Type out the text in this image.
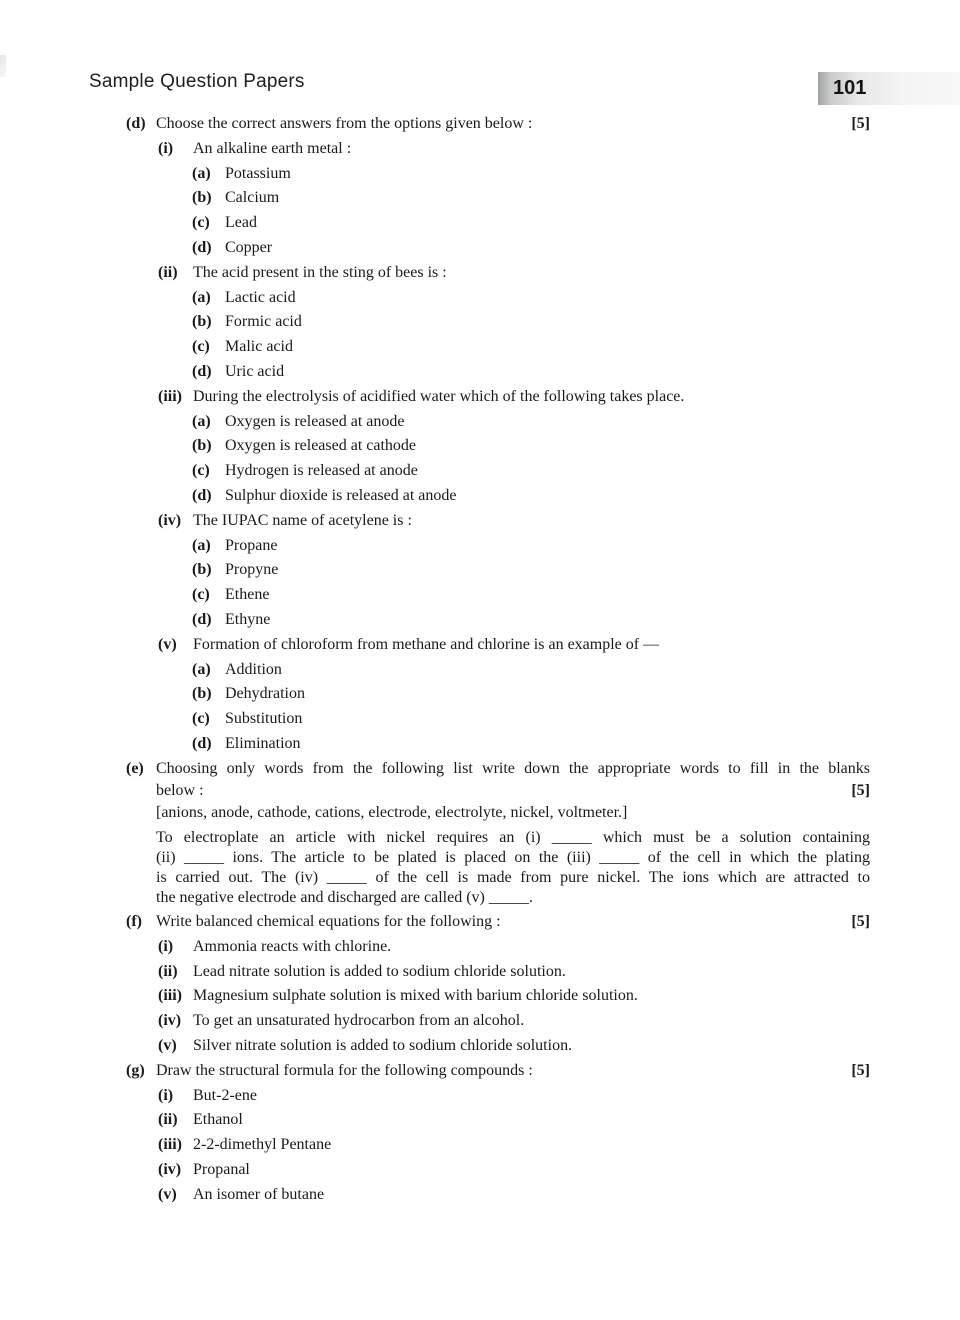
Sample Question Papers	101
(d) Choose the correct answers from the options given below :	[5]
(i) An alkaline earth metal :
(a) Potassium
(b) Calcium
(c) Lead
(d) Copper
(ii) The acid present in the sting of bees is :
(a) Lactic acid
(b) Formic acid
(c) Malic acid
(d) Uric acid
(iii) During the electrolysis of acidified water which of the following takes place.
(a) Oxygen is released at anode
(b) Oxygen is released at cathode
(c) Hydrogen is released at anode
(d) Sulphur dioxide is released at anode
(iv) The IUPAC name of acetylene is :
(a) Propane
(b) Propyne
(c) Ethene
(d) Ethyne
(v) Formation of chloroform from methane and chlorine is an example of —
(a) Addition
(b) Dehydration
(c) Substitution
(d) Elimination
(e) Choosing only words from the following list write down the appropriate words to fill in the blanks
below :	[5]
[anions, anode, cathode, cations, electrode, electrolyte, nickel, voltmeter.]
To electroplate an article with nickel requires an (i) _____ which must be a solution containing
(ii) _____ ions. The article to be plated is placed on the (iii) _____ of the cell in which the plating
is carried out. The (iv) _____ of the cell is made from pure nickel. The ions which are attracted to
the negative electrode and discharged are called (v) _____.
(f) Write balanced chemical equations for the following :	[5]
(i) Ammonia reacts with chlorine.
(ii) Lead nitrate solution is added to sodium chloride solution.
(iii) Magnesium sulphate solution is mixed with barium chloride solution.
(iv) To get an unsaturated hydrocarbon from an alcohol.
(v) Silver nitrate solution is added to sodium chloride solution.
(g) Draw the structural formula for the following compounds :	[5]
(i) But-2-ene
(ii) Ethanol
(iii) 2-2-dimethyl Pentane
(iv) Propanal
(v) An isomer of butane
